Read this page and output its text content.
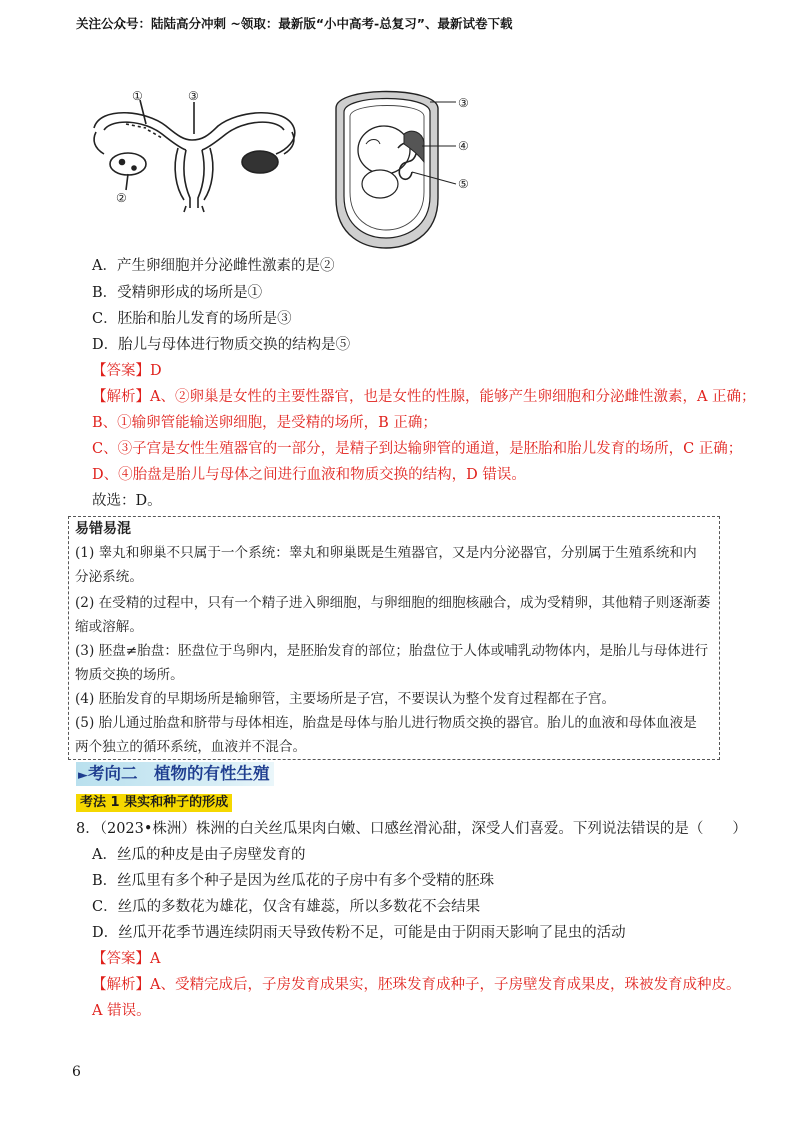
关注公众号：陆陆高分冲刺 ~领取：最新版“小中高考-总复习”、最新试卷下载
①	③
②
③
④
⑤
A．产生卵细胞并分泌雌性激素的是②
B．受精卵形成的场所是①
C．胚胎和胎儿发育的场所是③
D．胎儿与母体进行物质交换的结构是⑤
【答案】D
【解析】A、②卵巢是女性的主要性器官，也是女性的性腺，能够产生卵细胞和分泌雌性激素，A 正确；
B、①输卵管能输送卵细胞，是受精的场所，B 正确；
C、③子宫是女性生殖器官的一部分，是精子到达输卵管的通道，是胚胎和胎儿发育的场所，C 正确；
D、④胎盘是胎儿与母体之间进行血液和物质交换的结构，D 错误。
故选：D。
易错易混
(1) 睾丸和卵巢不只属于一个系统：睾丸和卵巢既是生殖器官，又是内分泌器官，分别属于生殖系统和内
分泌系统。
(2) 在受精的过程中，只有一个精子进入卵细胞，与卵细胞的细胞核融合，成为受精卵，其他精子则逐渐萎
缩或溶解。
(3) 胚盘≠胎盘：胚盘位于鸟卵内，是胚胎发育的部位；胎盘位于人体或哺乳动物体内，是胎儿与母体进行
物质交换的场所。
(4) 胚胎发育的早期场所是输卵管，主要场所是子宫，不要误认为整个发育过程都在子宫。
(5) 胎儿通过胎盘和脐带与母体相连，胎盘是母体与胎儿进行物质交换的器官。胎儿的血液和母体血液是
两个独立的循环系统，血液并不混合。
►考向二　植物的有性生殖
考法 1 果实和种子的形成
8．（2023•株洲）株洲的白关丝瓜果肉白嫩、口感丝滑沁甜，深受人们喜爱。下列说法错误的是（　　）
A．丝瓜的种皮是由子房壁发育的
B．丝瓜里有多个种子是因为丝瓜花的子房中有多个受精的胚珠
C．丝瓜的多数花为雄花，仅含有雄蕊，所以多数花不会结果
D．丝瓜开花季节遇连续阴雨天导致传粉不足，可能是由于阴雨天影响了昆虫的活动
【答案】A
【解析】A、受精完成后，子房发育成果实，胚珠发育成种子，子房壁发育成果皮，珠被发育成种皮。
A 错误。
6
